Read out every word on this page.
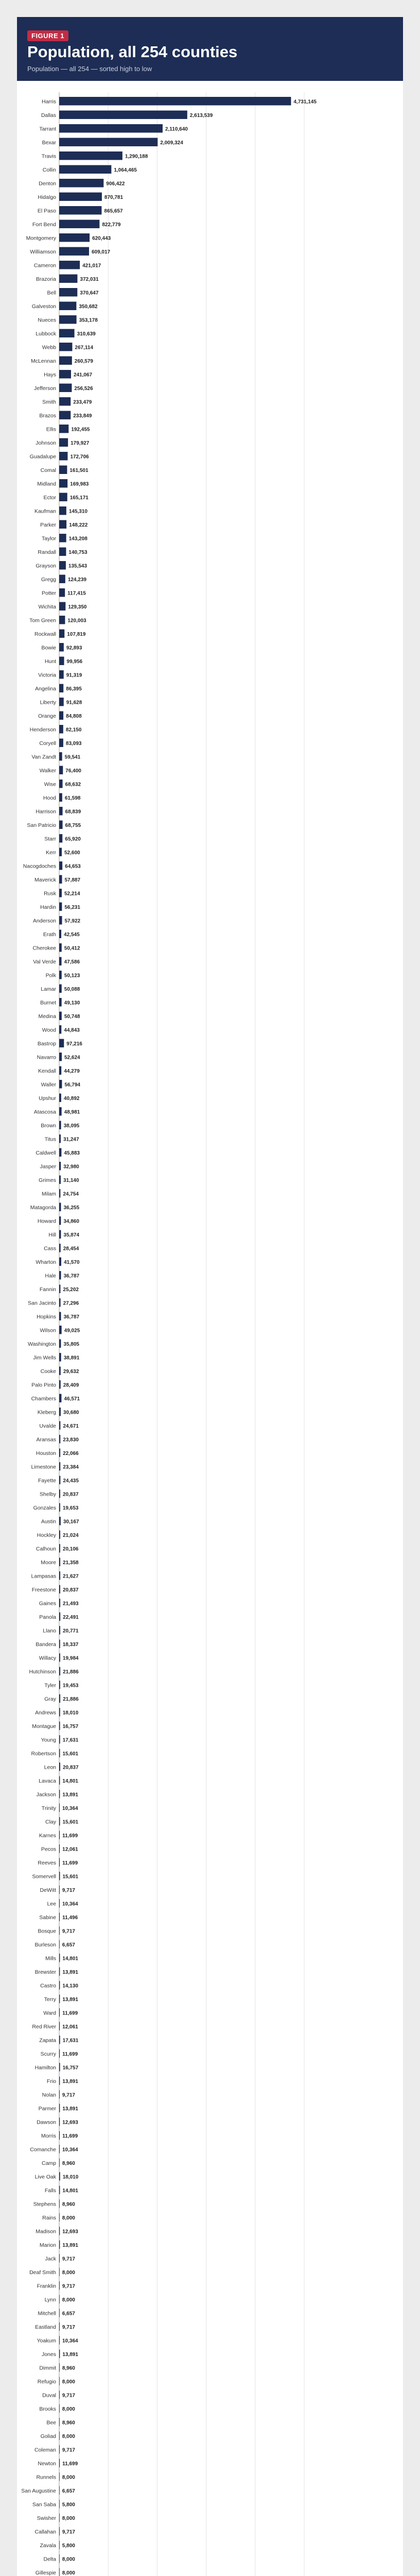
FIGURE 1
Population, all 254 counties
Population — all 254 — sorted high to low
Harris	4,731,145
Dallas	2,613,539
Tarrant	2,110,640
Bexar	2,009,324
Travis	1,290,188
Collin	1,064,465
Denton	906,422
Hidalgo	870,781
El Paso	865,657
Fort Bend	822,779
Montgomery	620,443
Williamson	609,017
Cameron	421,017
Brazoria	372,031
Bell	370,647
Galveston	350,682
Nueces	353,178
Lubbock	310,639
Webb	267,114
McLennan	260,579
Hays	241,067
Jefferson	256,526
Smith	233,479
Brazos	233,849
Ellis	192,455
Johnson	179,927
Guadalupe	172,706
Comal	161,501
Midland	169,983
Ector	165,171
Kaufman 145,310
Parker	148,222
Taylor 143,208
Randall 140,753
Grayson 135,543
Gregg 124,239
Potter 117,415
Wichita 129,350
Tom Green 120,003
Rockwall 107,819
Bowie 92,893
Hunt 99,956
Victoria 91,319
Angelina 86,395
Liberty 91,628
Orange 84,808
Henderson 82,150
Coryell 83,093
Van Zandt 59,541
Walker 76,400
Wise 68,632
Hood 61,598
Harrison 68,839
San Patricio 68,755
Starr 65,920
Kerr 52,600
Nacogdoches 64,653
Maverick 57,887
Rusk 52,214
Hardin 56,231
Anderson 57,922
Erath 42,545
Cherokee 50,412
Val Verde 47,586
Polk 50,123
Lamar 50,088
Burnet 49,130
Medina 50,748
Wood 44,843
Bastrop 97,216
Navarro 52,624
Kendall 44,279
Waller 56,794
Upshur 40,892
Atascosa 48,981
Brown 38,095
Titus 31,247
Caldwell 45,883
Jasper 32,980
Grimes 31,140
Milam 24,754
Matagorda 36,255
Howard 34,860
Hill 35,874
Cass 28,454
Wharton 41,570
Hale 36,787
Fannin 25,202
San Jacinto 27,296
Hopkins 36,787
Wilson 49,025
Washington 35,805
Jim Wells 38,891
Cooke 29,632
Palo Pinto 28,409
Chambers 46,571
Kleberg 30,680
Uvalde 24,671
Aransas 23,830
Houston 22,066
Limestone 23,384
Fayette 24,435
Shelby 20,837
Gonzales 19,653
Austin 30,167
Hockley 21,024
Calhoun 20,106
Moore 21,358
Lampasas 21,627
Freestone 20,837
Gaines 21,493
Panola 22,491
Llano 20,771
Bandera 18,337
Willacy 19,984
Hutchinson 21,886
Tyler 19,453
Gray 21,886
Andrews 18,010
Montague 16,757
Young 17,631
Robertson 15,601
Leon 20,837
Lavaca 14,801
Jackson 13,891
Trinity 10,364
Clay 15,601
Karnes 11,699
Pecos 12,061
Reeves 11,699
Somervell 15,601
DeWitt 9,717
Lee 10,364
Sabine 11,496
Bosque 9,717
Burleson 6,657
Mills 14,801
Brewster 13,891
Castro 14,130
Terry 13,891
Ward 11,699
Red River 12,061
Zapata 17,631
Scurry 11,699
Hamilton 16,757
Frio 13,891
Nolan 9,717
Parmer 13,891
Dawson 12,693
Morris 11,699
Comanche 10,364
Camp 8,960
Live Oak 18,010
Falls 14,801
Stephens 8,960
Rains 8,000
Madison 12,693
Marion 13,891
Jack 9,717
Deaf Smith 8,000
Franklin 9,717
Lynn 8,000
Mitchell 6,657
Eastland 9,717
Yoakum 10,364
Jones 13,891
Dimmit 8,960
Refugio 8,000
Duval 9,717
Brooks 8,000
Bee 8,960
Goliad 8,000
Coleman 9,717
Newton 11,699
Runnels 8,000
San Augustine 6,657
San Saba 5,800
Swisher 8,000
Callahan 9,717
Zavala 5,800
Delta 8,000
Gillespie 8,000
